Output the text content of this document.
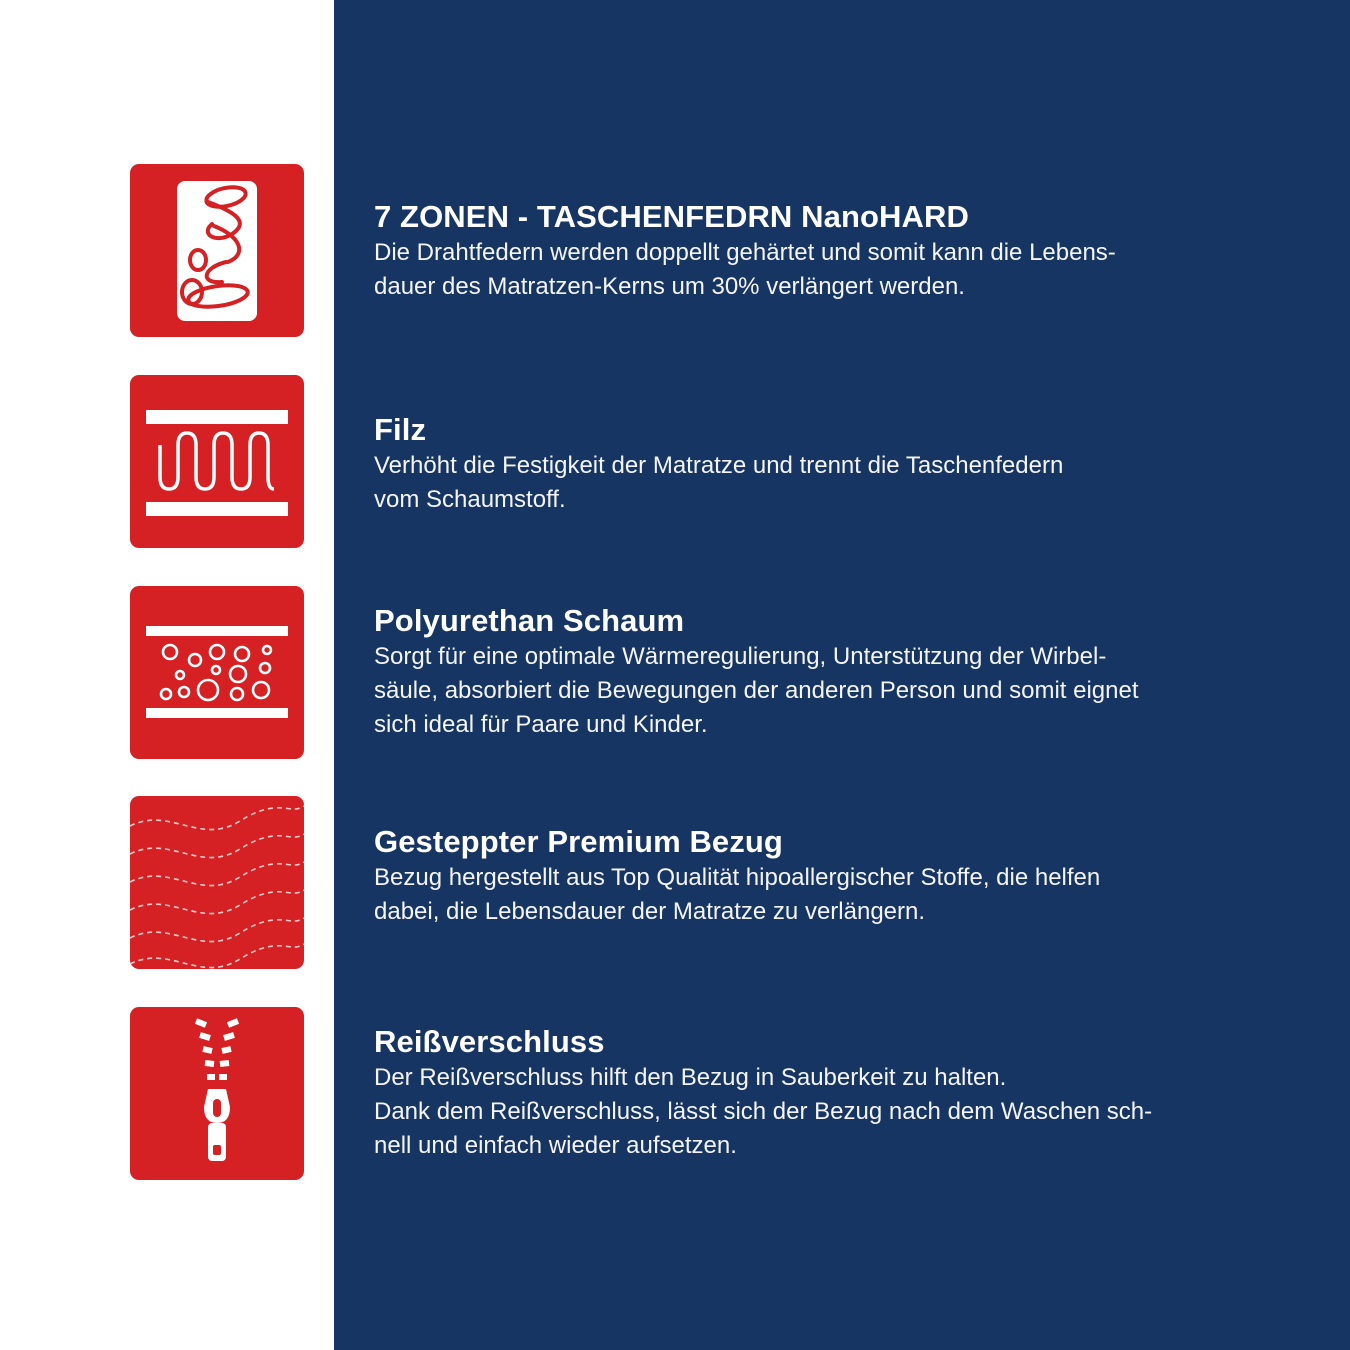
7 ZONEN - TASCHENFEDRN NanoHARD
Die Drahtfedern werden doppellt gehärtet und somit kann die Lebens-
dauer des Matratzen-Kerns um 30% verlängert werden.
Filz
Verhöht die Festigkeit der Matratze und trennt die Taschenfedern
vom Schaumstoff.
Polyurethan Schaum
Sorgt für eine optimale Wärmeregulierung, Unterstützung der Wirbel-
säule, absorbiert die Bewegungen der anderen Person und somit eignet
sich ideal für Paare und Kinder.
Gesteppter Premium Bezug
Bezug hergestellt aus Top Qualität hipoallergischer Stoffe, die helfen
dabei, die Lebensdauer der Matratze zu verlängern.
Reißverschluss
Der Reißverschluss hilft den Bezug in Sauberkeit zu halten.
Dank dem Reißverschluss, lässt sich der Bezug nach dem Waschen sch-
nell und einfach wieder aufsetzen.
